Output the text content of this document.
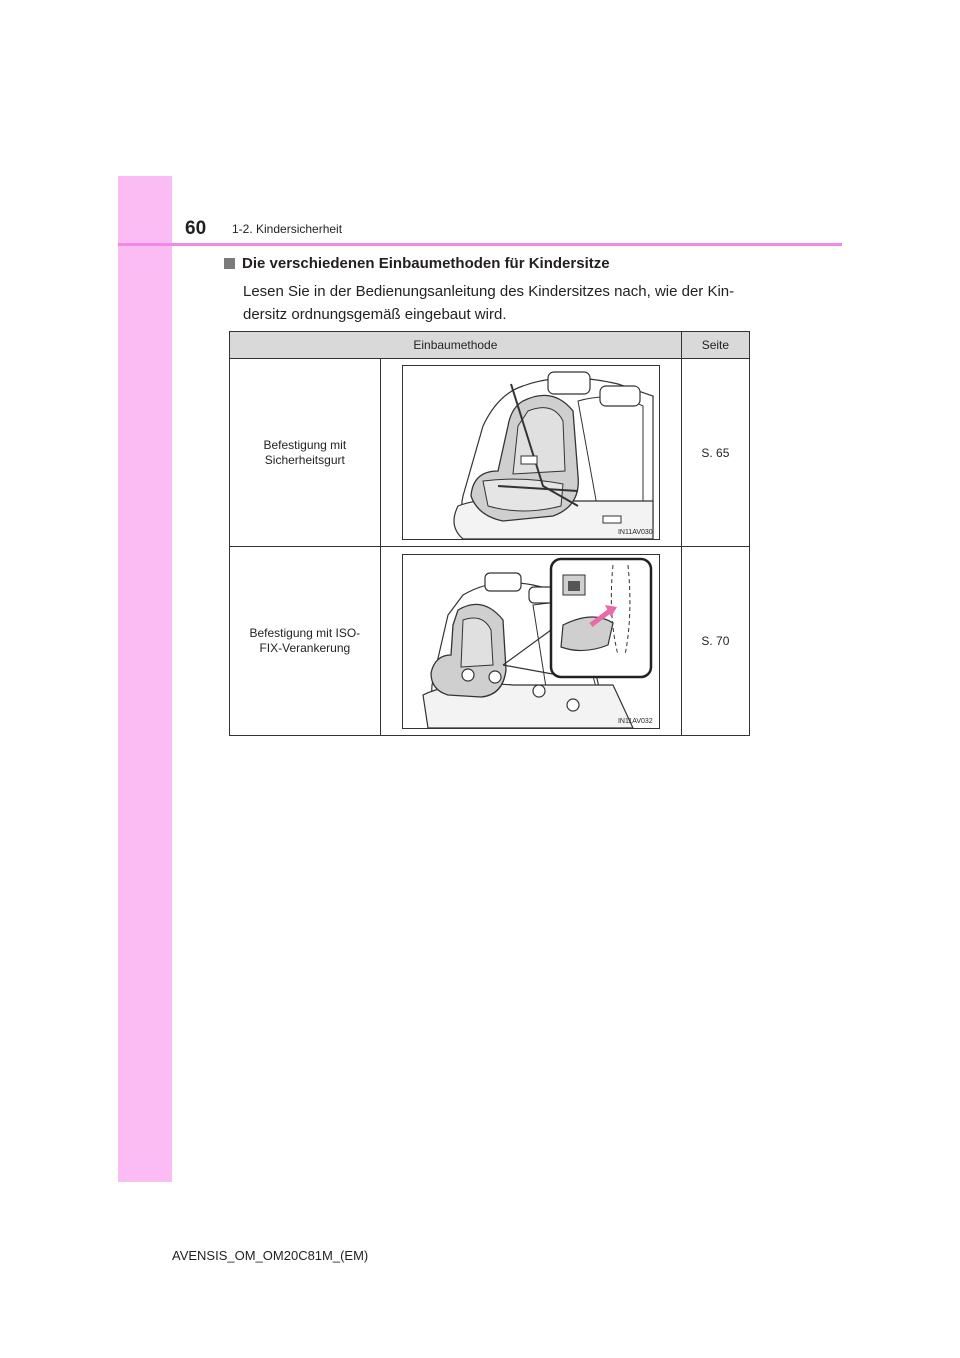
60 1-2. Kindersicherheit
Die verschiedenen Einbaumethoden für Kindersitze
Lesen Sie in der Bedienungsanleitung des Kindersitzes nach, wie der Kin-
dersitz ordnungsgemäß eingebaut wird.
Einbaumethode		Seite

Befestigung mit
Sicherheitsgurt	IN11AV030	S. 65

Befestigung mit ISO-
FIX-Verankerung	IN11AV032	S. 70
AVENSIS_OM_OM20C81M_(EM)
